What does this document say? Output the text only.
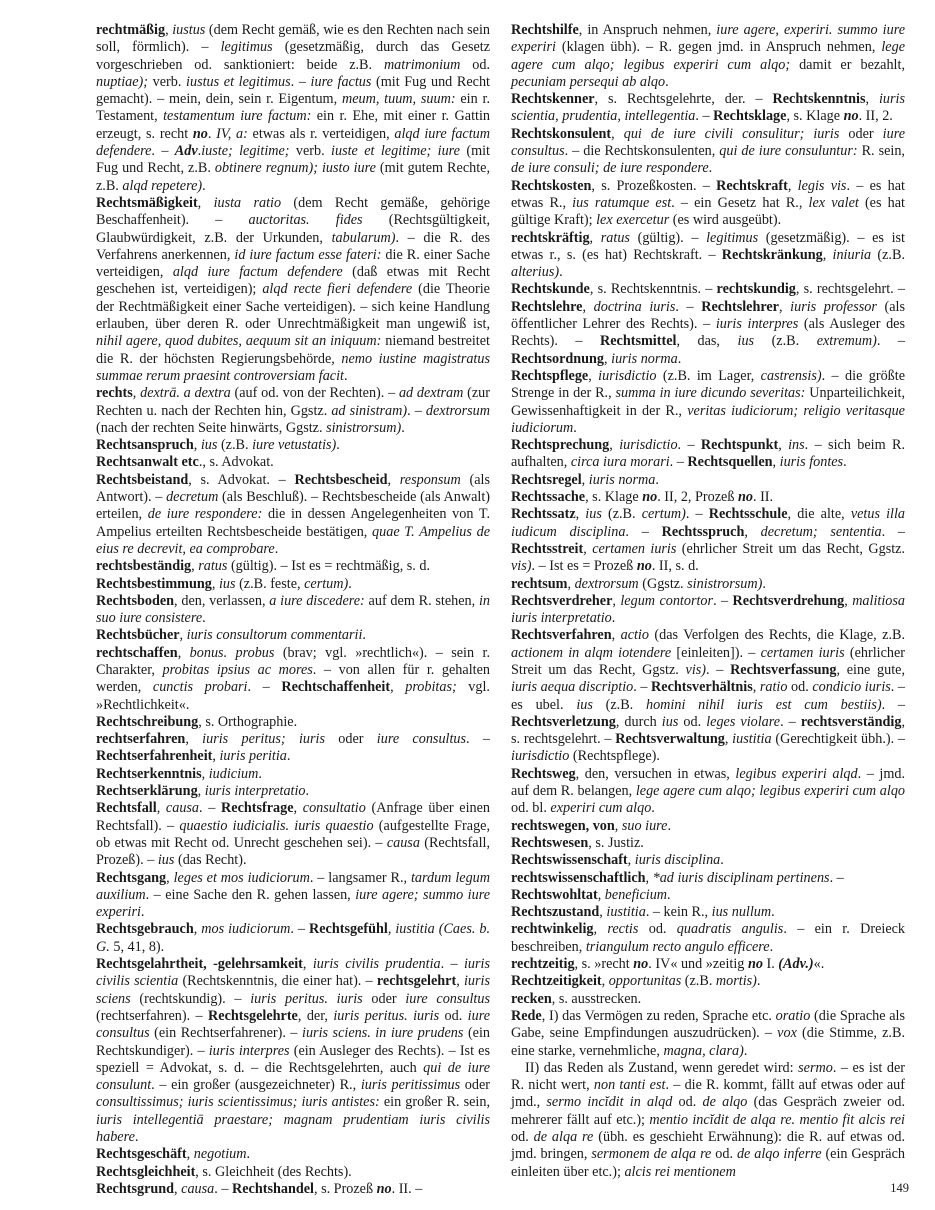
rechtmäßig, iustus (dem Recht gemäß, wie es den Rechten nach sein soll, förmlich). – legitimus (gesetzmäßig, durch das Gesetz vorgeschrieben od. sanktioniert: beide z.B. matrimonium od. nuptiae); verb. iustus et legitimus. – iure factus (mit Fug und Recht gemacht). – mein, dein, sein r. Eigentum, meum, tuum, suum: ein r. Testament, testamentum iure factum: ein r. Ehe, mit einer r. Gattin erzeugt, s. recht no. IV, a: etwas als r. verteidigen, alqd iure factum defendere. – Adv.iuste; legitime; verb. iuste et legitime; iure (mit Fug und Recht, z.B. obtinere regnum); iusto iure (mit gutem Rechte, z.B. alqd repetere).

Rechtsmäßigkeit, iusta ratio (dem Recht gemäße, gehörige Beschaffenheit). – auctoritas. fides (Rechtsgültigkeit, Glaubwürdigkeit, z.B. der Urkunden, tabularum). – die R. des Verfahrens anerkennen, id iure factum esse fateri: die R. einer Sache verteidigen, alqd iure factum defendere (daß etwas mit Recht geschehen ist, verteidigen); alqd recte fieri defendere (die Theorie der Rechtmäßigkeit einer Sache verteidigen). – sich keine Handlung erlauben, über deren R. oder Unrechtmäßigkeit man ungewiß ist, nihil agere, quod dubites, aequum sit an iniquum: niemand bestreitet die R. der höchsten Regierungsbehörde, nemo iustine magistratus summae rerum praesint controversiam facit.

rechts, dextrā. a dextra (auf od. von der Rechten). – ad dextram (zur Rechten u. nach der Rechten hin, Ggstz. ad sinistram). – dextrorsum (nach der rechten Seite hinwärts, Ggstz. sinistrorsum).

Rechtsanspruch, ius (z.B. iure vetustatis).

Rechtsanwalt etc., s. Advokat.

Rechtsbeistand, s. Advokat. – Rechtsbescheid, responsum (als Antwort). – decretum (als Beschluß). – Rechtsbescheide (als Anwalt) erteilen, de iure respondere: die in dessen Angelegenheiten von T. Ampelius erteilten Rechtsbescheide bestätigen, quae T. Ampelius de eius re decrevit, ea comprobare.

rechtsbeständig, ratus (gültig). – Ist es = rechtmäßig, s. d.

Rechtsbestimmung, ius (z.B. feste, certum).

Rechtsboden, den, verlassen, a iure discedere: auf dem R. stehen, in suo iure consistere.

Rechtsbücher, iuris consultorum commentarii.

rechtschaffen, bonus. probus (brav; vgl. »rechtlich«). – sein r. Charakter, probitas ipsius ac mores. – von allen für r. gehalten werden, cunctis probari. – Rechtschaffenheit, probitas; vgl. »Rechtlichkeit«.

Rechtschreibung, s. Orthographie.

rechtserfahren, iuris peritus; iuris oder iure consultus. – Rechtserfahrenheit, iuris peritia.

Rechtserkenntnis, iudicium.

Rechtserklärung, iuris interpretatio.

Rechtsfall, causa. – Rechtsfrage, consultatio (Anfrage über einen Rechtsfall). – quaestio iudicialis. iuris quaestio (aufgestellte Frage, ob etwas mit Recht od. Unrecht geschehen sei). – causa (Rechtsfall, Prozeß). – ius (das Recht).

Rechtsgang, leges et mos iudiciorum. – langsamer R., tardum legum auxilium. – eine Sache den R. gehen lassen, iure agere; summo iure experiri.

Rechtsgebrauch, mos iudiciorum. – Rechtsgefühl, iustitia (Caes. b. G. 5, 41, 8).

Rechtsgelahrtheit, -gelehrsamkeit, iuris civilis prudentia. – iuris civilis scientia (Rechtskenntnis, die einer hat). – rechtsgelehrt, iuris sciens (rechtskundig). – iuris peritus. iuris oder iure consultus (rechtserfahren). – Rechtsgelehrte, der, iuris peritus. iuris od. iure consultus (ein Rechtserfahrener). – iuris sciens. in iure prudens (ein Rechtskundiger). – iuris interpres (ein Ausleger des Rechts). – Ist es speziell = Advokat, s. d. – die Rechtsgelehrten, auch qui de iure consulunt. – ein großer (ausgezeichneter) R., iuris peritissimus oder consultissimus; iuris scientissimus; iuris antistes: ein großer R. sein, iuris intellegentiā praestare; magnam prudentiam iuris civilis habere.

Rechtsgeschäft, negotium.

Rechtsgleichheit, s. Gleichheit (des Rechts).

Rechtsgrund, causa. – Rechtshandel, s. Prozeß no. II. –

Rechtshilfe, in Anspruch nehmen, iure agere, experiri. summo iure experiri (klagen übh). – R. gegen jmd. in Anspruch nehmen, lege agere cum alqo; legibus experiri cum alqo; damit er bezahlt, pecuniam persequi ab alqo.

Rechtskenner, s. Rechtsgelehrte, der. – Rechtskenntnis, iuris scientia, prudentia, intellegentia. – Rechtsklage, s. Klage no. II, 2.

Rechtskonsulent, qui de iure civili consulitur; iuris oder iure consultus. – die Rechtskonsulenten, qui de iure consuluntur: R. sein, de iure consuli; de iure respondere.

Rechtskosten, s. Prozeßkosten. – Rechtskraft, legis vis. – es hat etwas R., ius ratumque est. – ein Gesetz hat R., lex valet (es hat gültige Kraft); lex exercetur (es wird ausgeübt).

rechtskräftig, ratus (gültig). – legitimus (gesetzmäßig). – es ist etwas r., s. (es hat) Rechtskraft. – Rechtskränkung, iniuria (z.B. alterius).

Rechtskunde, s. Rechtskenntnis. – rechtskundig, s. rechtsgelehrt. – Rechtslehre, doctrina iuris. – Rechtslehrer, iuris professor (als öffentlicher Lehrer des Rechts). – iuris interpres (als Ausleger des Rechts). – Rechtsmittel, das, ius (z.B. extremum). – Rechtsordnung, iuris norma.

Rechtspflege, iurisdictio (z.B. im Lager, castrensis). – die größte Strenge in der R., summa in iure dicundo severitas: Unparteilichkeit, Gewissenhaftigkeit in der R., veritas iudiciorum; religio veritasque iudiciorum.

Rechtsprechung, iurisdictio. – Rechtspunkt, ins. – sich beim R. aufhalten, circa iura morari. – Rechtsquellen, iuris fontes.

Rechtsregel, iuris norma.

Rechtssache, s. Klage no. II, 2, Prozeß no. II.

Rechtssatz, ius (z.B. certum). – Rechtsschule, die alte, vetus illa iudicum disciplina. – Rechtsspruch, decretum; sententia. – Rechtsstreit, certamen iuris (ehrlicher Streit um das Recht, Ggstz. vis). – Ist es = Prozeß no. II, s. d.

rechtsum, dextrorsum (Ggstz. sinistrorsum).

Rechtsverdreher, legum contortor. – Rechtsverdrehung, malitiosa iuris interpretatio.

Rechtsverfahren, actio (das Verfolgen des Rechts, die Klage, z.B. actionem in alqm iotendere [einleiten]). – certamen iuris (ehrlicher Streit um das Recht, Ggstz. vis). – Rechtsverfassung, eine gute, iuris aequa discriptio. – Rechtsverhältnis, ratio od. condicio iuris. – es ubel. ius (z.B. homini nihil iuris est cum bestiis). – Rechtsverletzung, durch ius od. leges violare. – rechtsverständig, s. rechtsgelehrt. – Rechtsverwaltung, iustitia (Gerechtigkeit übh.). – iurisdictio (Rechtspflege).

Rechtsweg, den, versuchen in etwas, legibus experiri alqd. – jmd. auf dem R. belangen, lege agere cum alqo; legibus experiri cum alqo od. bl. experiri cum alqo.

rechtswegen, von, suo iure.

Rechtswesen, s. Justiz.

Rechtswissenschaft, iuris disciplina.

rechtswissenschaftlich, *ad iuris disciplinam pertinens. –

Rechtswohltat, beneficium.

Rechtszustand, iustitia. – kein R., ius nullum.

rechtwinkelig, rectis od. quadratis angulis. – ein r. Dreieck beschreiben, triangulum recto angulo efficere.

rechtzeitig, s. »recht no. IV« und »zeitig no I. (Adv.)«.

Rechtzeitigkeit, opportunitas (z.B. mortis).

recken, s. ausstrecken.

Rede, I) das Vermögen zu reden, Sprache etc. oratio (die Sprache als Gabe, seine Empfindungen auszudrücken). – vox (die Stimme, z.B. eine starke, vernehmliche, magna, clara).

II) das Reden als Zustand, wenn geredet wird: sermo. – es ist der R. nicht wert, non tanti est. – die R. kommt, fällt auf etwas oder auf jmd., sermo incĭdit in alqd od. de alqo (das Gespräch zweier od. mehrerer fällt auf etc.); mentio incĭdit de alqa re. mentio fit alcis rei od. de alqa re (übh. es geschieht Erwähnung): die R. auf etwas od. jmd. bringen, sermonem de alqa re od. de alqo inferre (ein Gespräch einleiten über etc.); alcis rei mentionem

149
